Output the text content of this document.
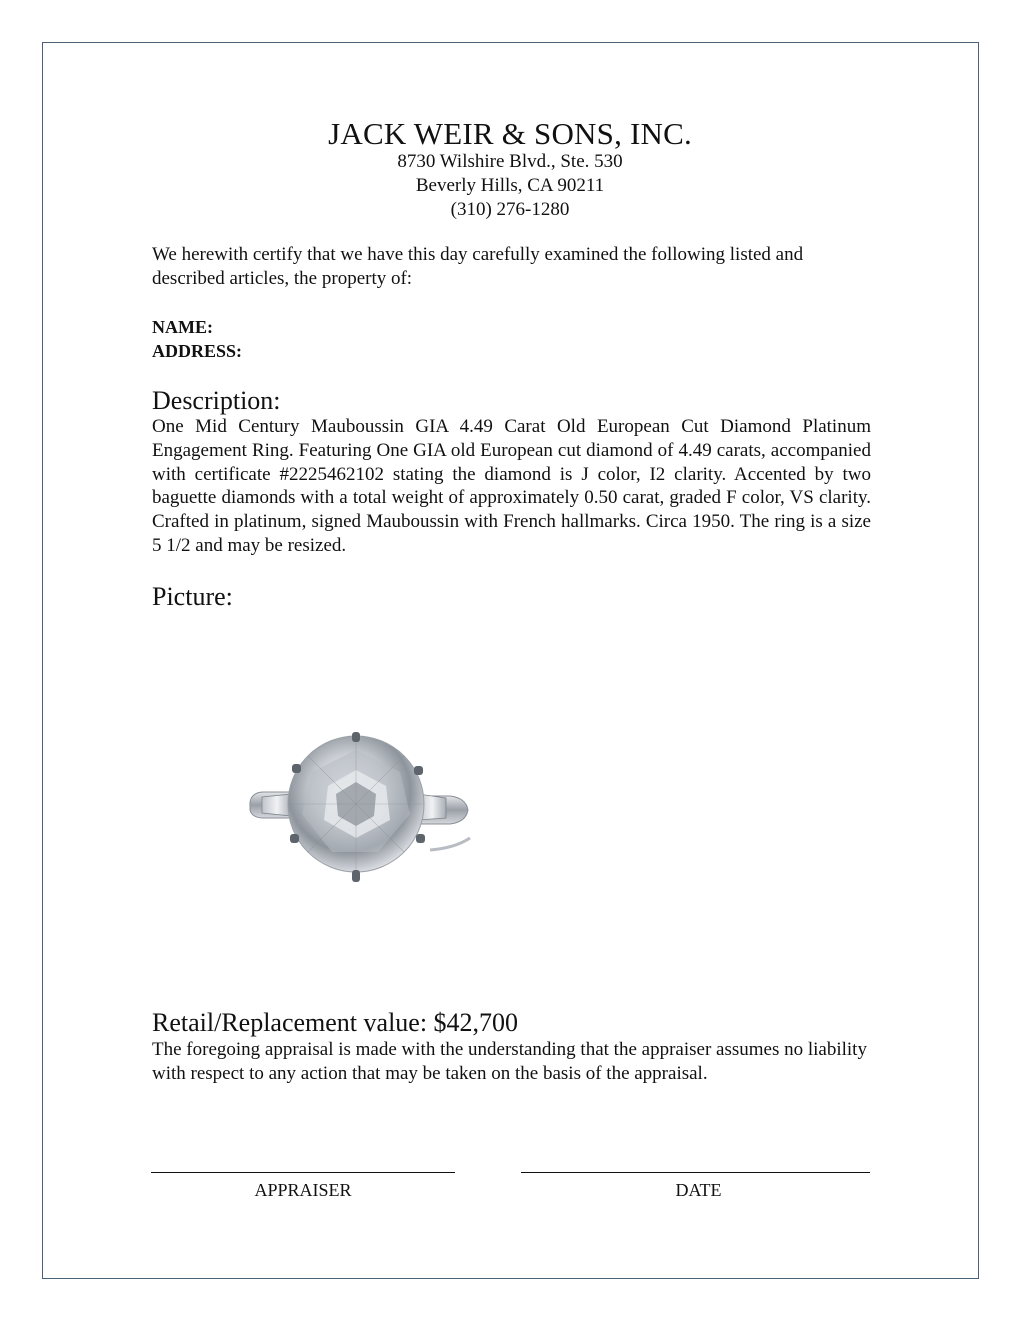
JACK WEIR & SONS, INC.
8730 Wilshire Blvd., Ste. 530
Beverly Hills, CA 90211
(310) 276-1280
We herewith certify that we have this day carefully examined the following listed and described articles, the property of:
NAME:
ADDRESS:
Description:
One Mid Century Mauboussin GIA 4.49 Carat Old European Cut Diamond Platinum Engagement Ring. Featuring One GIA old European cut diamond of 4.49 carats, accompanied with certificate #2225462102 stating the diamond is J color, I2 clarity. Accented by two baguette diamonds with a total weight of approximately 0.50 carat, graded F color, VS clarity. Crafted in platinum, signed Mauboussin with French hallmarks. Circa 1950. The ring is a size 5 1/2 and may be resized.
Picture:
Retail/Replacement value: $42,700
The foregoing appraisal is made with the understanding that the appraiser assumes no liability with respect to any action that may be taken on the basis of the appraisal.
APPRAISER	DATE
